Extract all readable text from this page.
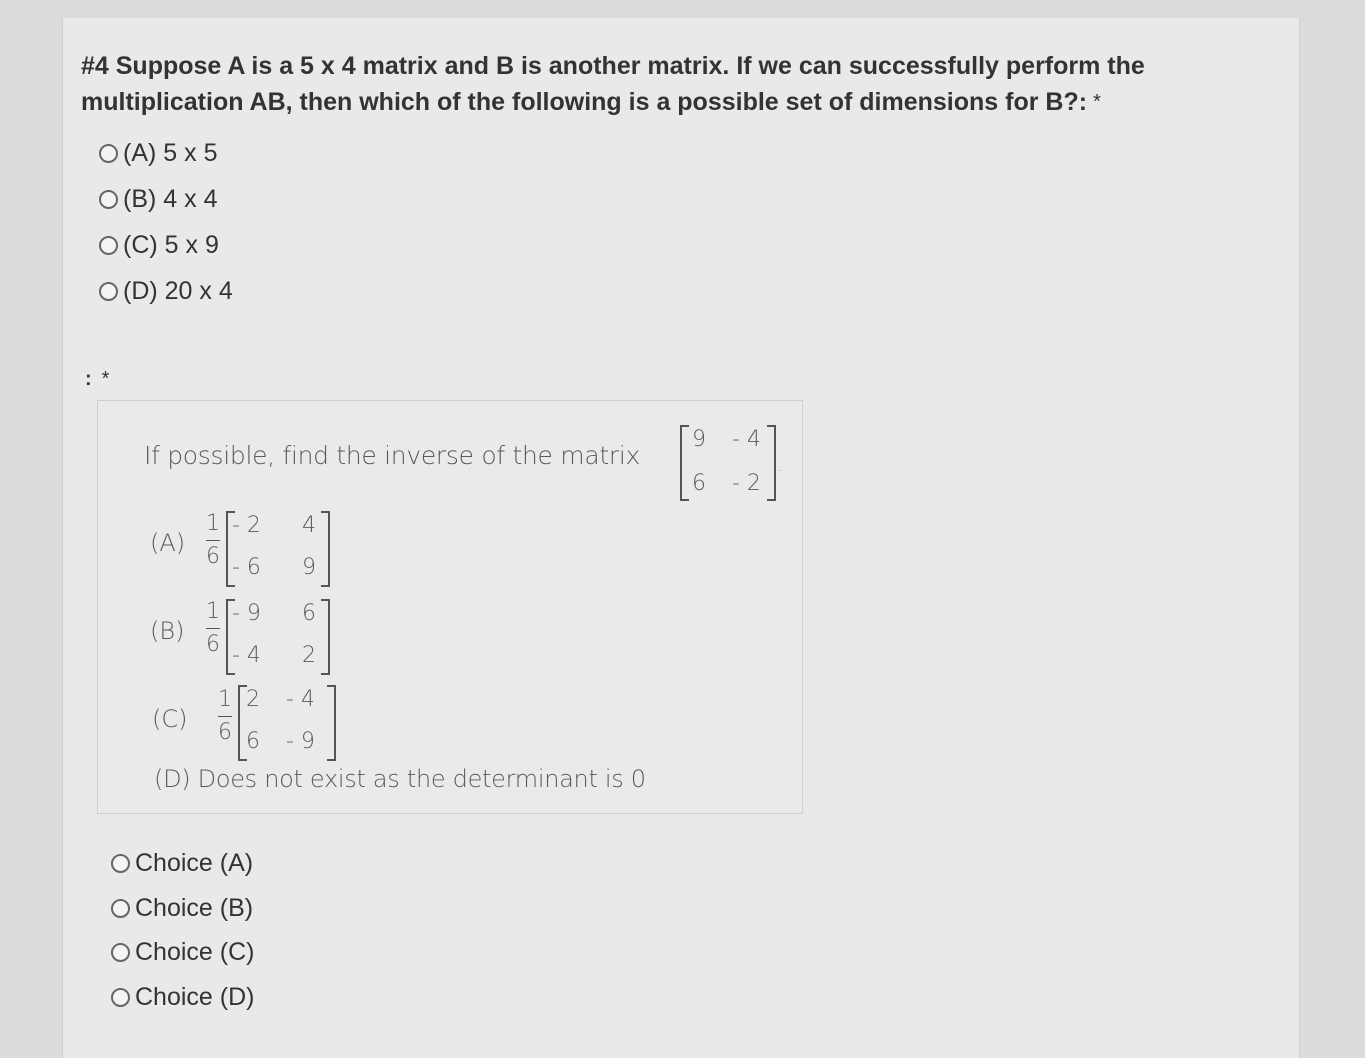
#4 Suppose A is a 5 x 4 matrix and B is another matrix. If we can successfully perform the multiplication AB, then which of the following is a possible set of dimensions for B?: *

(A) 5 x 5
(B) 4 x 4
(C) 5 x 9
(D) 20 x 4
: *
If possible, find the inverse of the matrix
9 - 4
6 - 2
.
(A)
1
6
- 2 4
- 6 9
(B)
1
6
- 9 6
- 4 2
(C)
1
6
2 - 4
6 - 9
(D) Does not exist as the determinant is 0
Choice (A)
Choice (B)
Choice (C)
Choice (D)
